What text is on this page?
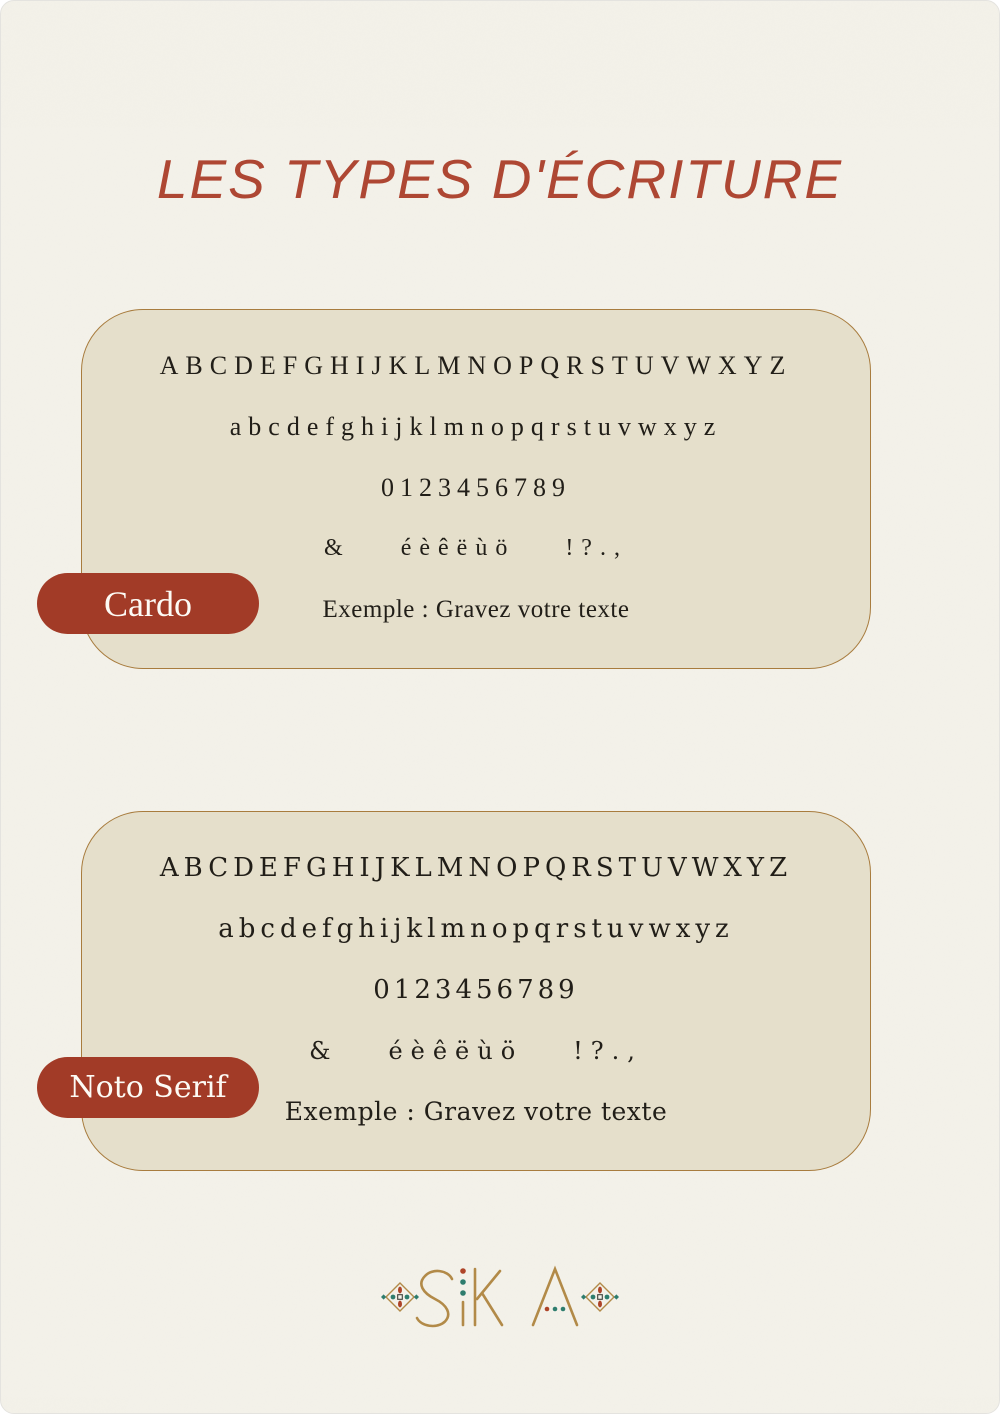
LES TYPES D'ÉCRITURE
ABCDEFGHIJKLMNOPQRSTUVWXYZ
abcdefghijklmnopqrstuvwxyz
0123456789
& éèêëùö !?.,
Exemple : Gravez votre texte
Cardo
ABCDEFGHIJKLMNOPQRSTUVWXYZ
abcdefghijklmnopqrstuvwxyz
0123456789
& éèêëùö !?.,
Exemple : Gravez votre texte
Noto Serif
